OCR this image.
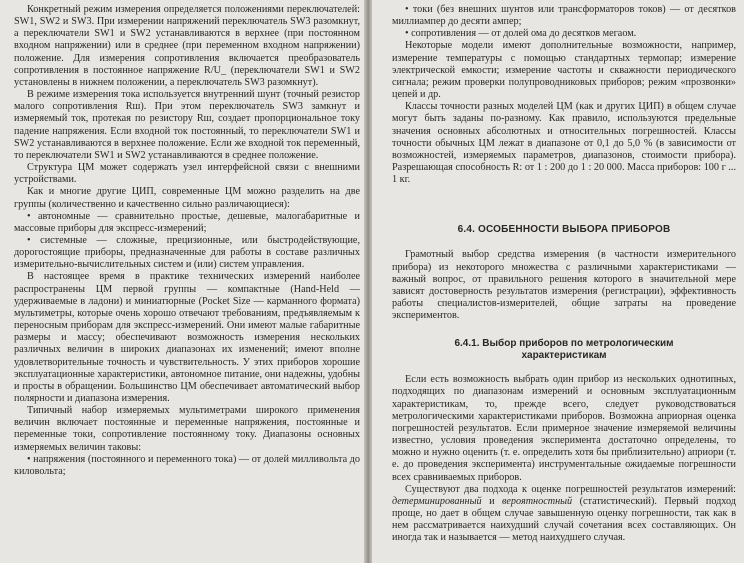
Конкретный режим измерения определяется положениями переключателей: SW1, SW2 и SW3. При измерении напряжений переключатель SW3 разомкнут, а переключатели SW1 и SW2 устанавливаются в верхнее (при постоянном входном напряжении) или в среднее (при переменном входном напряжении) положение. Для измерения сопротивления включается преобразователь сопротивления в постоянное напряжение R/U_ (переключатели SW1 и SW2 установлены в нижнем положении, а переключатель SW3 разомкнут).

В режиме измерения тока используется внутренний шунт (точный резистор малого сопротивления Rш). При этом переключатель SW3 замкнут и измеряемый ток, протекая по резистору Rш, создает пропорциональное току падение напряжения. Если входной ток постоянный, то переключатели SW1 и SW2 устанавливаются в верхнее положение. Если же входной ток переменный, то переключатели SW1 и SW2 устанавливаются в среднее положение.

Структура ЦМ может содержать узел интерфейсной связи с внешними устройствами.

Как и многие другие ЦИП, современные ЦМ можно разделить на две группы (количественно и качественно сильно различающиеся):

• автономные — сравнительно простые, дешевые, малогабаритные и массовые приборы для экспресс-измерений;

• системные — сложные, прецизионные, или быстродействующие, дорогостоящие приборы, предназначенные для работы в составе различных измерительно-вычислительных систем и (или) систем управления.

В настоящее время в практике технических измерений наиболее распространены ЦМ первой группы — компактные (Hand-Held — удерживаемые в ладони) и миниатюрные (Pocket Size — карманного формата) мультиметры, которые очень хорошо отвечают требованиям, предъявляемым к переносным приборам для экспресс-измерений. Они имеют малые габаритные размеры и массу; обеспечивают возможность измерения нескольких различных величин в широких диапазонах их изменений; имеют вполне удовлетворительные точность и чувствительность. У этих приборов хорошие эксплуатационные характеристики, автономное питание, они надежны, удобны и просты в обращении. Большинство ЦМ обеспечивает автоматический выбор полярности и диапазона измерения.

Типичный набор измеряемых мультиметрами широкого применения величин включает постоянные и переменные напряжения, постоянные и переменные токи, сопротивление постоянному току. Диапазоны основных измеряемых величин таковы:

• напряжения (постоянного и переменного тока) — от долей милливольта до киловольта;

• токи (без внешних шунтов или трансформаторов токов) — от десятков миллиампер до десяти ампер;

• сопротивления — от долей ома до десятков мегаом.

Некоторые модели имеют дополнительные возможности, например, измерение температуры с помощью стандартных термопар; измерение электрической емкости; измерение частоты и скважности периодического сигнала; режим проверки полупроводниковых приборов; режим «прозвонки» цепей и др.

Классы точности разных моделей ЦМ (как и других ЦИП) в общем случае могут быть заданы по-разному. Как правило, используются предельные значения основных абсолютных и относительных погрешностей. Классы точности обычных ЦМ лежат в диапазоне от 0,1 до 5,0 % (в зависимости от возможностей, измеряемых параметров, диапазонов, стоимости прибора). Разрешающая способность R: от 1 : 200 до 1 : 20 000. Масса приборов: 100 г ... 1 кг.

6.4. ОСОБЕННОСТИ ВЫБОРА ПРИБОРОВ

Грамотный выбор средства измерения (в частности измерительного прибора) из некоторого множества с различными характеристиками — важный вопрос, от правильного решения которого в значительной мере зависят достоверность результатов измерения (регистрации), эффективность работы специалистов-измерителей, общие затраты на проведение экспериментов.

6.4.1. Выбор приборов по метрологическим характеристикам

Если есть возможность выбрать один прибор из нескольких однотипных, подходящих по диапазонам измерений и основным эксплуатационным характеристикам, то, прежде всего, следует руководствоваться метрологическими характеристиками приборов. Возможна априорная оценка погрешностей результатов. Если примерное значение измеряемой величины известно, условия проведения эксперимента достаточно определены, то можно и нужно оценить (т. е. определить хотя бы приблизительно) априори (т. е. до проведения эксперимента) инструментальные ожидаемые погрешности всех сравниваемых приборов.

Существуют два подхода к оценке погрешностей результатов измерений: детерминированный и вероятностный (статистический). Первый подход проще, но дает в общем случае завышенную оценку погрешности, так как в нем рассматривается наихудший случай сочетания всех составляющих. Он иногда так и называется — метод наихудшего случая.
